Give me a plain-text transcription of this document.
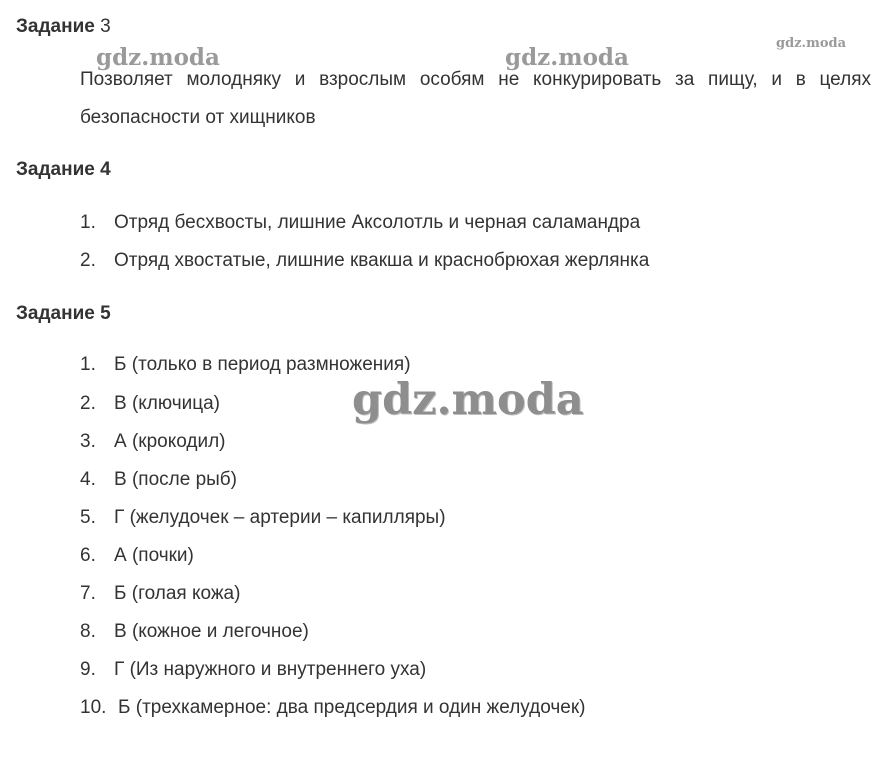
gdz.moda	gdz.moda
gdz.moda
gdz.moda
Задание 3
Позволяет молодняку и взрослым особям не конкурировать за пищу, и в целях безопасности от хищников
Задание 4
1. Отряд бесхвосты, лишние Аксолотль и черная саламандра
2. Отряд хвостатые, лишние квакша и краснобрюхая жерлянка
Задание 5
1. Б (только в период размножения)
2. В (ключица)
3. А (крокодил)
4. В (после рыб)
5. Г (желудочек – артерии – капилляры)
6. А (почки)
7. Б (голая кожа)
8. В (кожное и легочное)
9. Г (Из наружного и внутреннего уха)
10. Б (трехкамерное: два предсердия и один желудочек)
